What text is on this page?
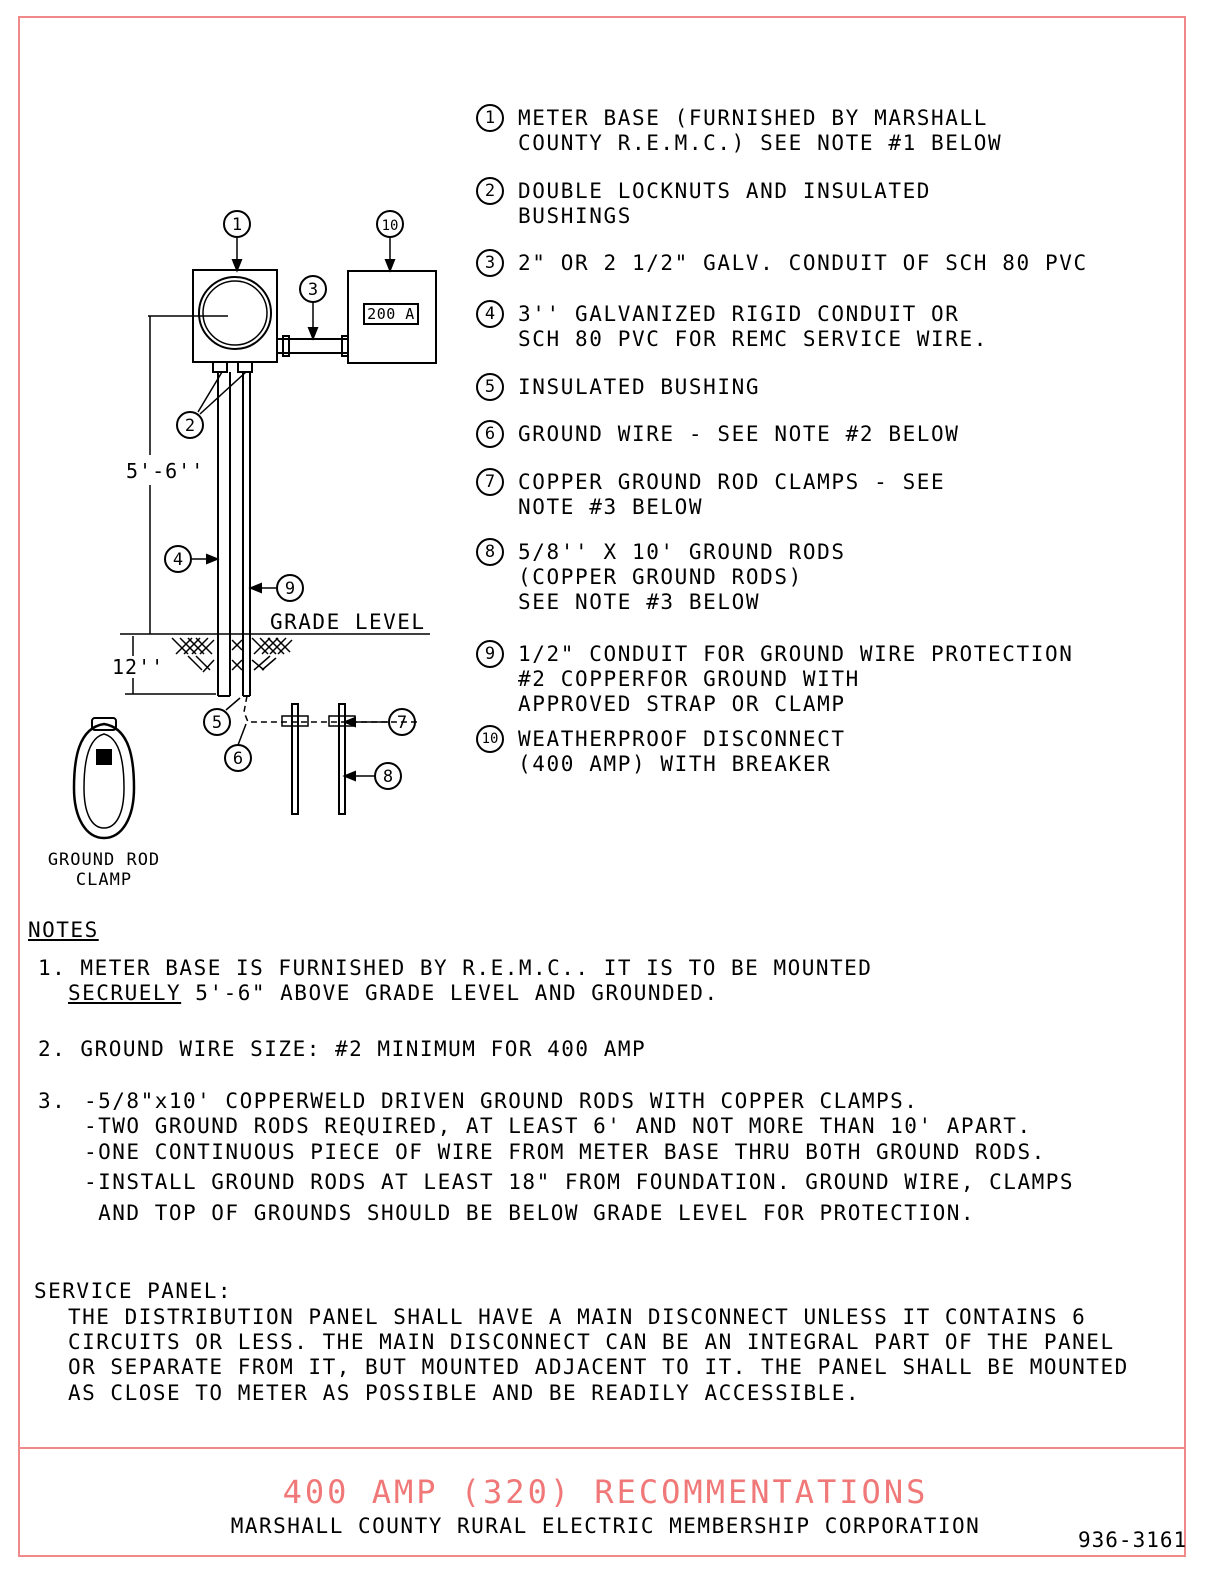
1	10
3
2
4
9
5
6
7
8
200 A
5'-6''
12''
GRADE LEVEL
GROUND ROD
CLAMP
1	METER BASE (FURNISHED BY MARSHALL
COUNTY R.E.M.C.) SEE NOTE #1 BELOW
2	DOUBLE LOCKNUTS AND INSULATED
BUSHINGS
3	2" OR 2 1/2" GALV. CONDUIT OF SCH 80 PVC
4	3'' GALVANIZED RIGID CONDUIT OR
SCH 80 PVC FOR REMC SERVICE WIRE.
5	INSULATED BUSHING
6	GROUND WIRE - SEE NOTE #2 BELOW
7	COPPER GROUND ROD CLAMPS - SEE
NOTE #3 BELOW
8	5/8'' X 10' GROUND RODS
(COPPER GROUND RODS)
SEE NOTE #3 BELOW
9	1/2" CONDUIT FOR GROUND WIRE PROTECTION
#2 COPPERFOR GROUND WITH
APPROVED STRAP OR CLAMP
10 WEATHERPROOF DISCONNECT
(400 AMP) WITH BREAKER
NOTES
1. METER BASE IS FURNISHED BY R.E.M.C.. IT IS TO BE MOUNTED
SECRUELY 5'-6" ABOVE GRADE LEVEL AND GROUNDED.
2. GROUND WIRE SIZE: #2 MINIMUM FOR 400 AMP
3. -5/8"x10' COPPERWELD DRIVEN GROUND RODS WITH COPPER CLAMPS.
-TWO GROUND RODS REQUIRED, AT LEAST 6' AND NOT MORE THAN 10' APART.
-ONE CONTINUOUS PIECE OF WIRE FROM METER BASE THRU BOTH GROUND RODS.
-INSTALL GROUND RODS AT LEAST 18" FROM FOUNDATION. GROUND WIRE, CLAMPS
AND TOP OF GROUNDS SHOULD BE BELOW GRADE LEVEL FOR PROTECTION.
SERVICE PANEL:
THE DISTRIBUTION PANEL SHALL HAVE A MAIN DISCONNECT UNLESS IT CONTAINS 6
CIRCUITS OR LESS. THE MAIN DISCONNECT CAN BE AN INTEGRAL PART OF THE PANEL
OR SEPARATE FROM IT, BUT MOUNTED ADJACENT TO IT. THE PANEL SHALL BE MOUNTED
AS CLOSE TO METER AS POSSIBLE AND BE READILY ACCESSIBLE.
400 AMP (320) RECOMMENTATIONS
MARSHALL COUNTY RURAL ELECTRIC MEMBERSHIP CORPORATION
936-3161
